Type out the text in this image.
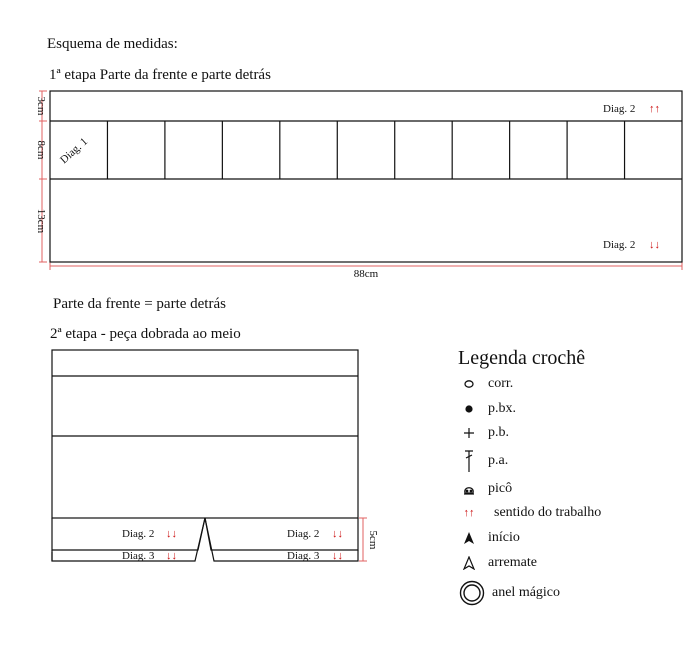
Esquema de medidas:
1ª etapa Parte da frente e parte detrás
Parte da frente = parte detrás
2ª etapa - peça dobrada ao meio
3cm
8cm
13cm
88cm
Diag. 1
Diag. 2 ↑↑
Diag. 2 ↓↓
5cm
Diag. 2 ↓↓	Diag. 2 ↓↓
Diag. 3 ↓↓	Diag. 3 ↓↓
Legenda crochê
corr.
p.bx.
p.b.
p.a.
picô
↑↑	sentido do trabalho
início
arremate
anel mágico
